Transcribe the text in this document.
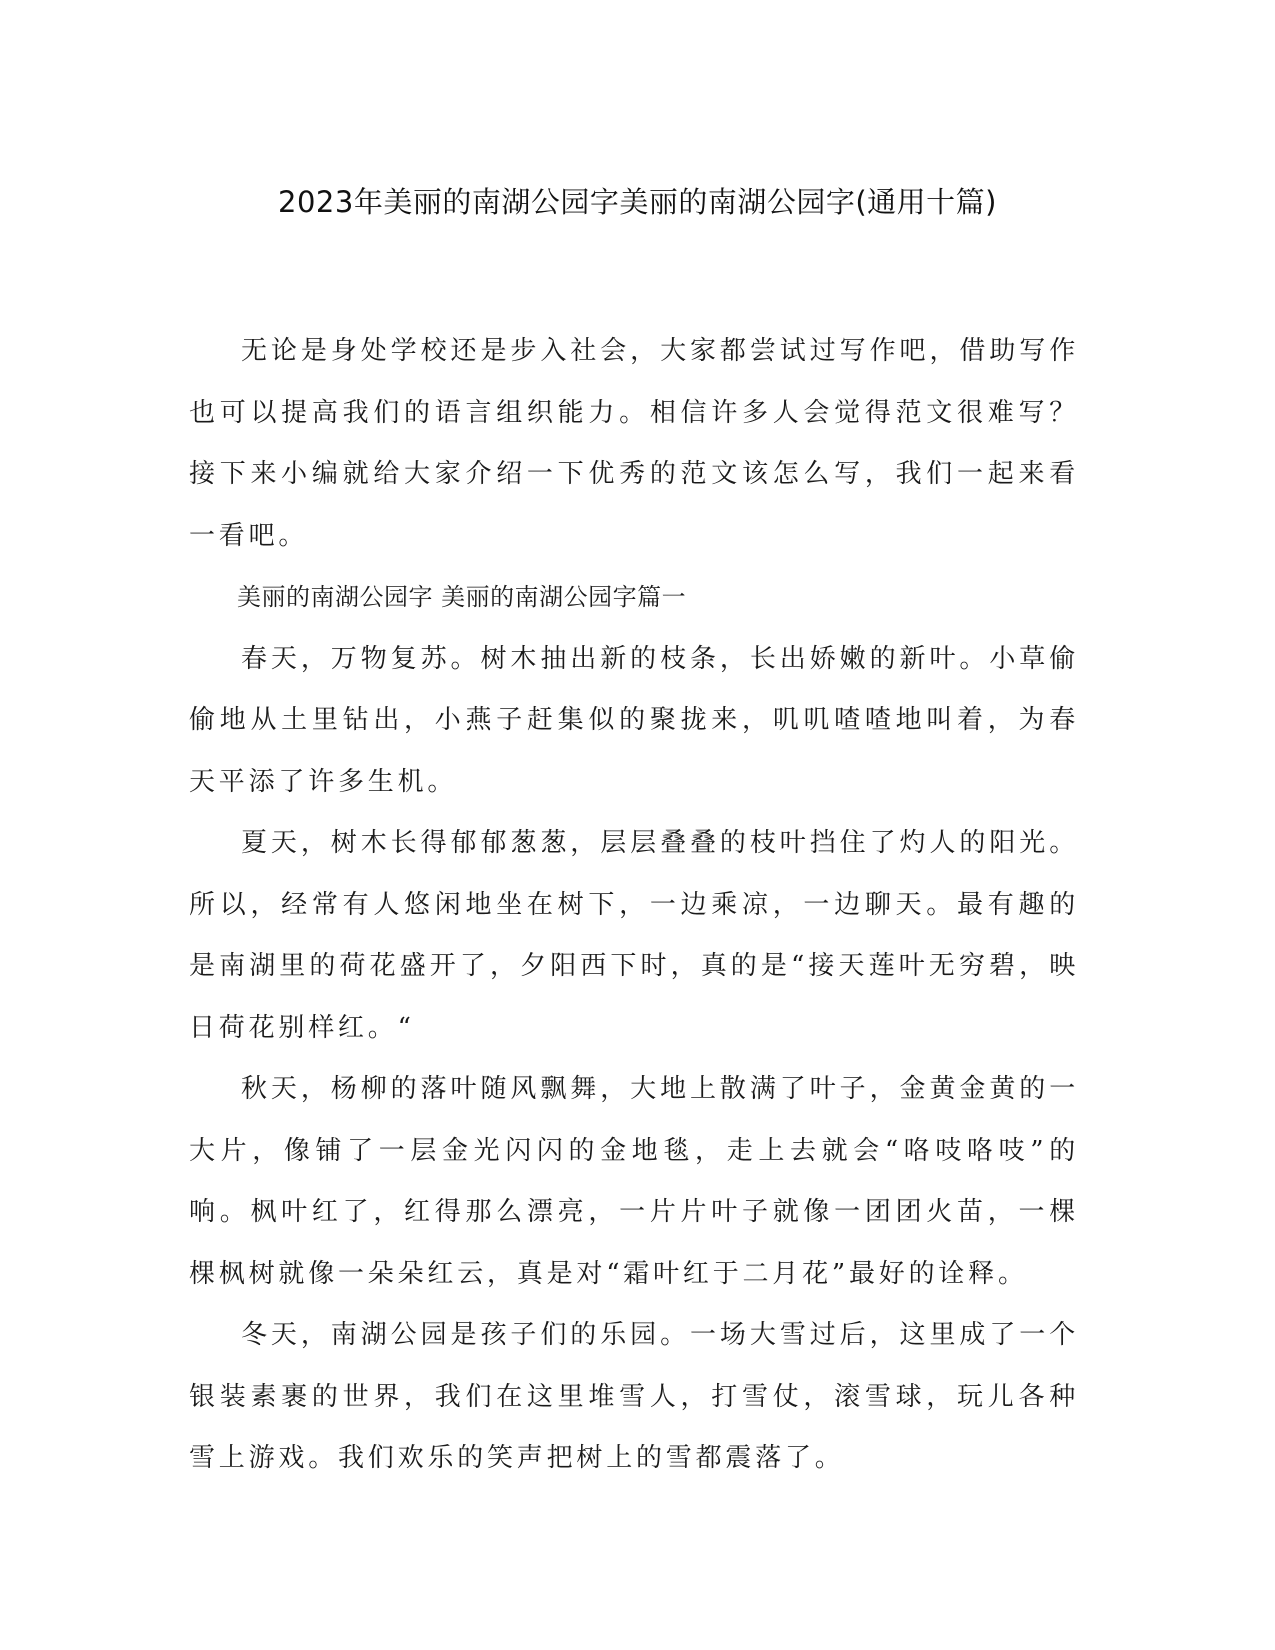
2023年美丽的南湖公园字美丽的南湖公园字(通用十篇)

无论是身处学校还是步入社会，大家都尝试过写作吧，借助写作也可以提高我们的语言组织能力。相信许多人会觉得范文很难写？接下来小编就给大家介绍一下优秀的范文该怎么写，我们一起来看一看吧。

美丽的南湖公园字 美丽的南湖公园字篇一

春天，万物复苏。树木抽出新的枝条，长出娇嫩的新叶。小草偷偷地从土里钻出，小燕子赶集似的聚拢来，叽叽喳喳地叫着，为春天平添了许多生机。

夏天，树木长得郁郁葱葱，层层叠叠的枝叶挡住了灼人的阳光。所以，经常有人悠闲地坐在树下，一边乘凉，一边聊天。最有趣的是南湖里的荷花盛开了，夕阳西下时，真的是“接天莲叶无穷碧，映日荷花别样红。“

秋天，杨柳的落叶随风飘舞，大地上散满了叶子，金黄金黄的一大片，像铺了一层金光闪闪的金地毯，走上去就会“咯吱咯吱”的响。枫叶红了，红得那么漂亮，一片片叶子就像一团团火苗，一棵棵枫树就像一朵朵红云，真是对“霜叶红于二月花”最好的诠释。

冬天，南湖公园是孩子们的乐园。一场大雪过后，这里成了一个银装素裹的世界，我们在这里堆雪人，打雪仗，滚雪球，玩儿各种雪上游戏。我们欢乐的笑声把树上的雪都震落了。
